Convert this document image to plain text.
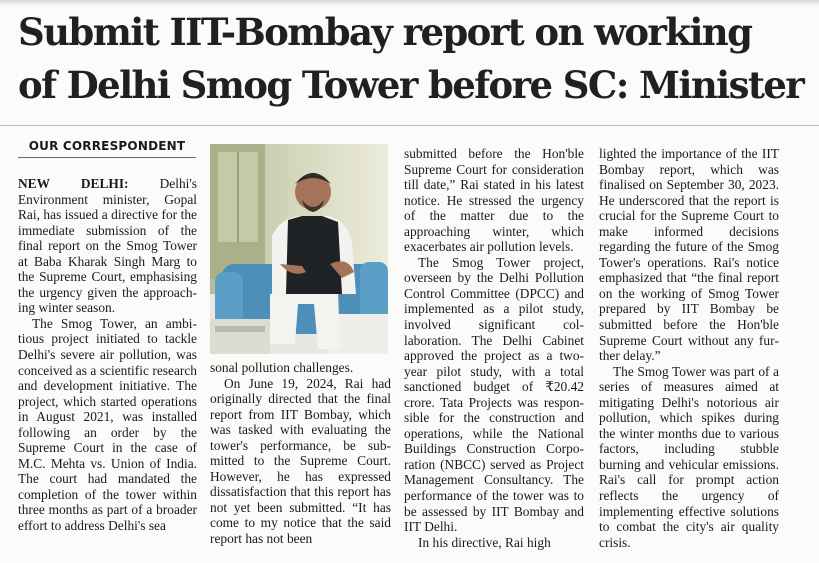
Submit IIT-Bombay report on working
of Delhi Smog Tower before SC: Minister
OUR CORRESPONDENT

NEW DELHI: Delhi's Environment minister, Gopal Rai, has issued a directive for the immediate submission of the final report on the Smog Tower at Baba Kharak Singh Marg to the Supreme Court, emphasising the urgency given the approaching winter season.

The Smog Tower, an ambitious project initiated to tackle Delhi's severe air pollution, was conceived as a scientific research and development initiative. The project, which started operations in August 2021, was installed following an order by the Supreme Court in the case of M.C. Mehta vs. Union of India. The court had mandated the completion of the tower within three months as part of a broader effort to address Delhi's sea

sonal pollution challenges.

On June 19, 2024, Rai had originally directed that the final report from IIT Bombay, which was tasked with evaluating the tower's performance, be submitted to the Supreme Court. However, he has expressed dissatisfaction that this report has not yet been submitted. “It has come to my notice that the said report has not been

submitted before the Hon'ble Supreme Court for consideration till date,” Rai stated in his latest notice. He stressed the urgency of the matter due to the approaching winter, which exacerbates air pollution levels.

The Smog Tower project, overseen by the Delhi Pollution Control Committee (DPCC) and implemented as a pilot study, involved significant collaboration. The Delhi Cabinet approved the project as a two-year pilot study, with a total sanctioned budget of ₹20.42 crore. Tata Projects was responsible for the construction and operations, while the National Buildings Construction Corporation (NBCC) served as Project Management Consultancy. The performance of the tower was to be assessed by IIT Bombay and IIT Delhi.

In his directive, Rai high

lighted the importance of the IIT Bombay report, which was finalised on September 30, 2023. He underscored that the report is crucial for the Supreme Court to make informed decisions regarding the future of the Smog Tower's operations. Rai's notice emphasized that “the final report on the working of Smog Tower prepared by IIT Bombay be submitted before the Hon'ble Supreme Court without any further delay.”

The Smog Tower was part of a series of measures aimed at mitigating Delhi's notorious air pollution, which spikes during the winter months due to various factors, including stubble burning and vehicular emissions. Rai's call for prompt action reflects the urgency of implementing effective solutions to combat the city's air quality crisis.
